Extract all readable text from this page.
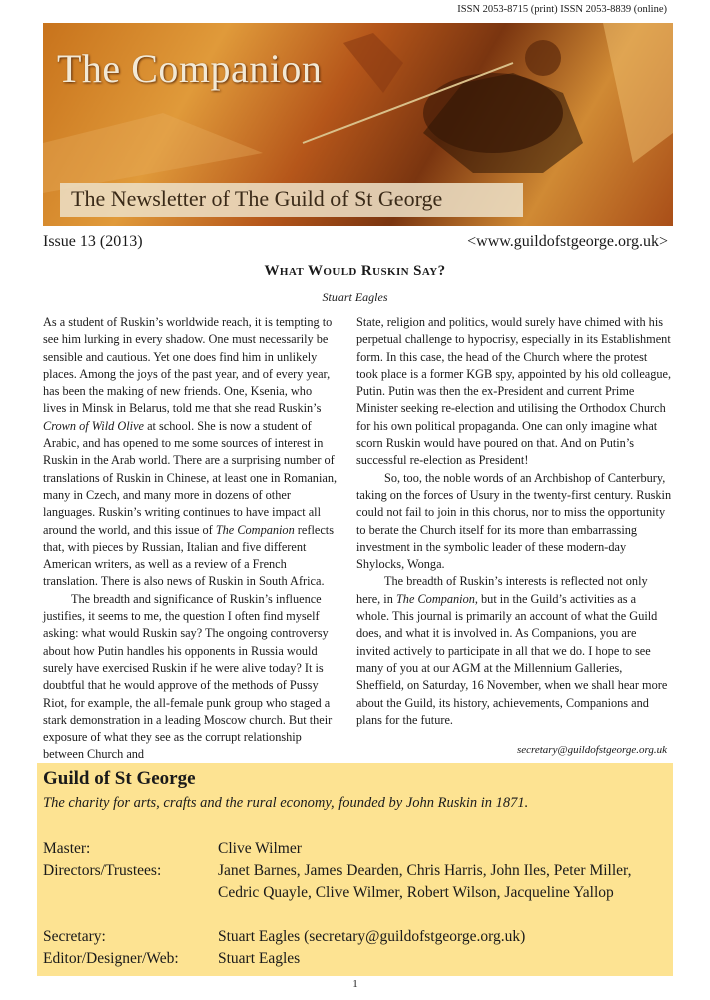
ISSN 2053-8715 (print) ISSN 2053-8839 (online)
The Companion
The Newsletter of The Guild of St George
Issue 13 (2013)	<www.guildofstgeorge.org.uk>
What Would Ruskin Say?
Stuart Eagles

As a student of Ruskin’s worldwide reach, it is tempting to see him lurking in every shadow. One must necessarily be sensible and cautious. Yet one does find him in unlikely places. Among the joys of the past year, and of every year, has been the making of new friends. One, Ksenia, who lives in Minsk in Belarus, told me that she read Ruskin’s Crown of Wild Olive at school. She is now a student of Arabic, and has opened to me some sources of interest in Ruskin in the Arab world. There are a surprising number of translations of Ruskin in Chinese, at least one in Romanian, many in Czech, and many more in dozens of other languages. Ruskin’s writing continues to have impact all around the world, and this issue of The Companion reflects that, with pieces by Russian, Italian and five different American writers, as well as a review of a French translation. There is also news of Ruskin in South Africa.

The breadth and significance of Ruskin’s influence justifies, it seems to me, the question I often find myself asking: what would Ruskin say? The ongoing controversy about how Putin handles his opponents in Russia would surely have exercised Ruskin if he were alive today? It is doubtful that he would approve of the methods of Pussy Riot, for example, the all-female punk group who staged a stark demonstration in a leading Moscow church. But their exposure of what they see as the corrupt relationship between Church and

State, religion and politics, would surely have chimed with his perpetual challenge to hypocrisy, especially in its Establishment form. In this case, the head of the Church where the protest took place is a former KGB spy, appointed by his old colleague, Putin. Putin was then the ex-President and current Prime Minister seeking re-election and utilising the Orthodox Church for his own political propaganda. One can only imagine what scorn Ruskin would have poured on that. And on Putin’s successful re-election as President!

So, too, the noble words of an Archbishop of Canterbury, taking on the forces of Usury in the twenty-first century. Ruskin could not fail to join in this chorus, nor to miss the opportunity to berate the Church itself for its more than embarrassing investment in the symbolic leader of these modern-day Shylocks, Wonga.

The breadth of Ruskin’s interests is reflected not only here, in The Companion, but in the Guild’s activities as a whole. This journal is primarily an account of what the Guild does, and what it is involved in. As Companions, you are invited actively to participate in all that we do. I hope to see many of you at our AGM at the Millennium Galleries, Sheffield, on Saturday, 16 November, when we shall hear more about the Guild, its history, achievements, Companions and plans for the future.

secretary@guildofstgeorge.org.uk
Guild of St George
The charity for arts, crafts and the rural economy, founded by John Ruskin in 1871.
Master:	Clive Wilmer
Directors/Trustees:	Janet Barnes, James Dearden, Chris Harris, John Iles, Peter Miller, Cedric Quayle, Clive Wilmer, Robert Wilson, Jacqueline Yallop
Secretary:	Stuart Eagles (secretary@guildofstgeorge.org.uk)
Editor/Designer/Web:	Stuart Eagles
1
